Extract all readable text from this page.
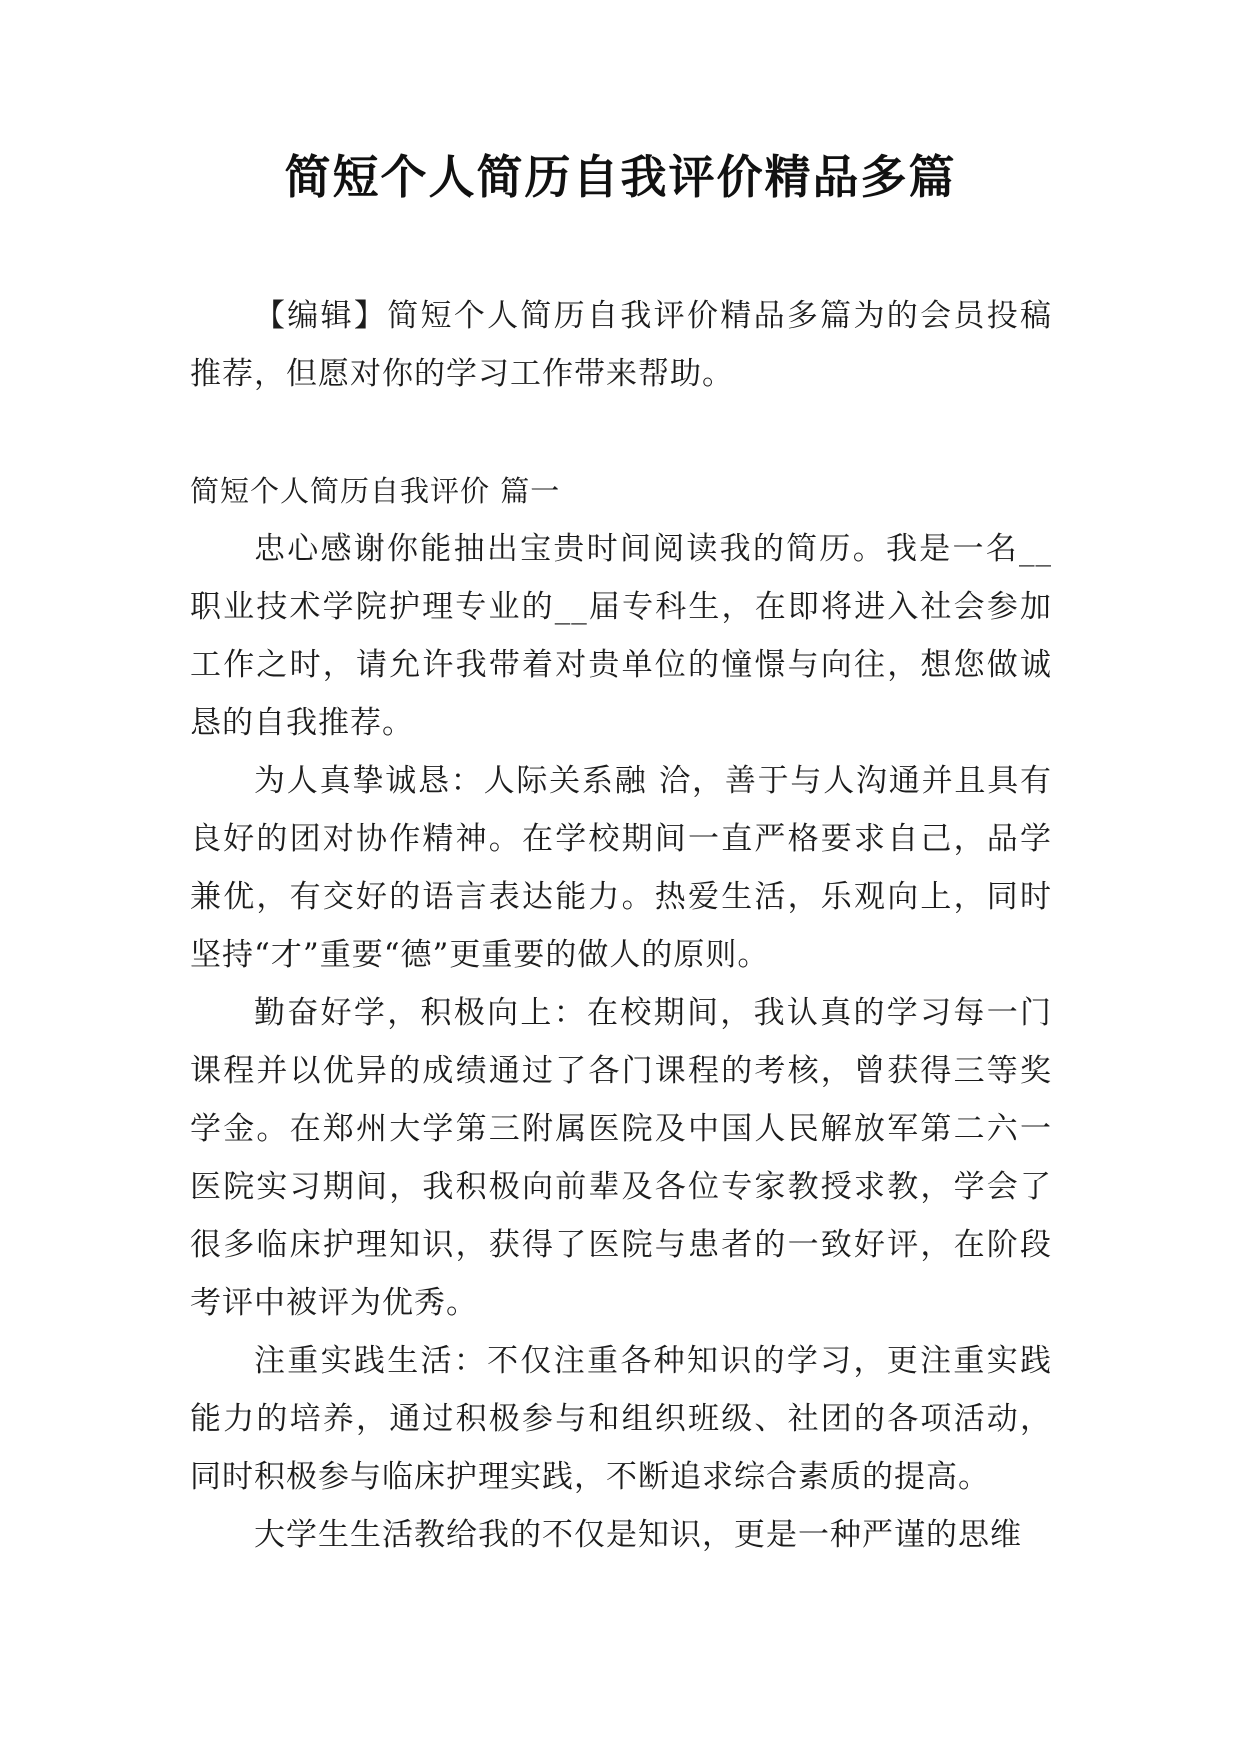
简短个人简历自我评价精品多篇

【编辑】简短个人简历自我评价精品多篇为的会员投稿推荐，但愿对你的学习工作带来帮助。

简短个人简历自我评价 篇一

忠心感谢你能抽出宝贵时间阅读我的简历。我是一名__职业技术学院护理专业的__届专科生，在即将进入社会参加工作之时，请允许我带着对贵单位的憧憬与向往，想您做诚恳的自我推荐。

为人真挚诚恳：人际关系融 洽，善于与人沟通并且具有良好的团对协作精神。在学校期间一直严格要求自己，品学兼优，有交好的语言表达能力。热爱生活，乐观向上，同时坚持“才”重要“德”更重要的做人的原则。

勤奋好学，积极向上：在校期间，我认真的学习每一门课程并以优异的成绩通过了各门课程的考核，曾获得三等奖学金。在郑州大学第三附属医院及中国人民解放军第二六一医院实习期间，我积极向前辈及各位专家教授求教，学会了很多临床护理知识，获得了医院与患者的一致好评，在阶段考评中被评为优秀。

注重实践生活：不仅注重各种知识的学习，更注重实践能力的培养，通过积极参与和组织班级、社团的各项活动，同时积极参与临床护理实践，不断追求综合素质的提高。

大学生生活教给我的不仅是知识，更是一种严谨的思维
